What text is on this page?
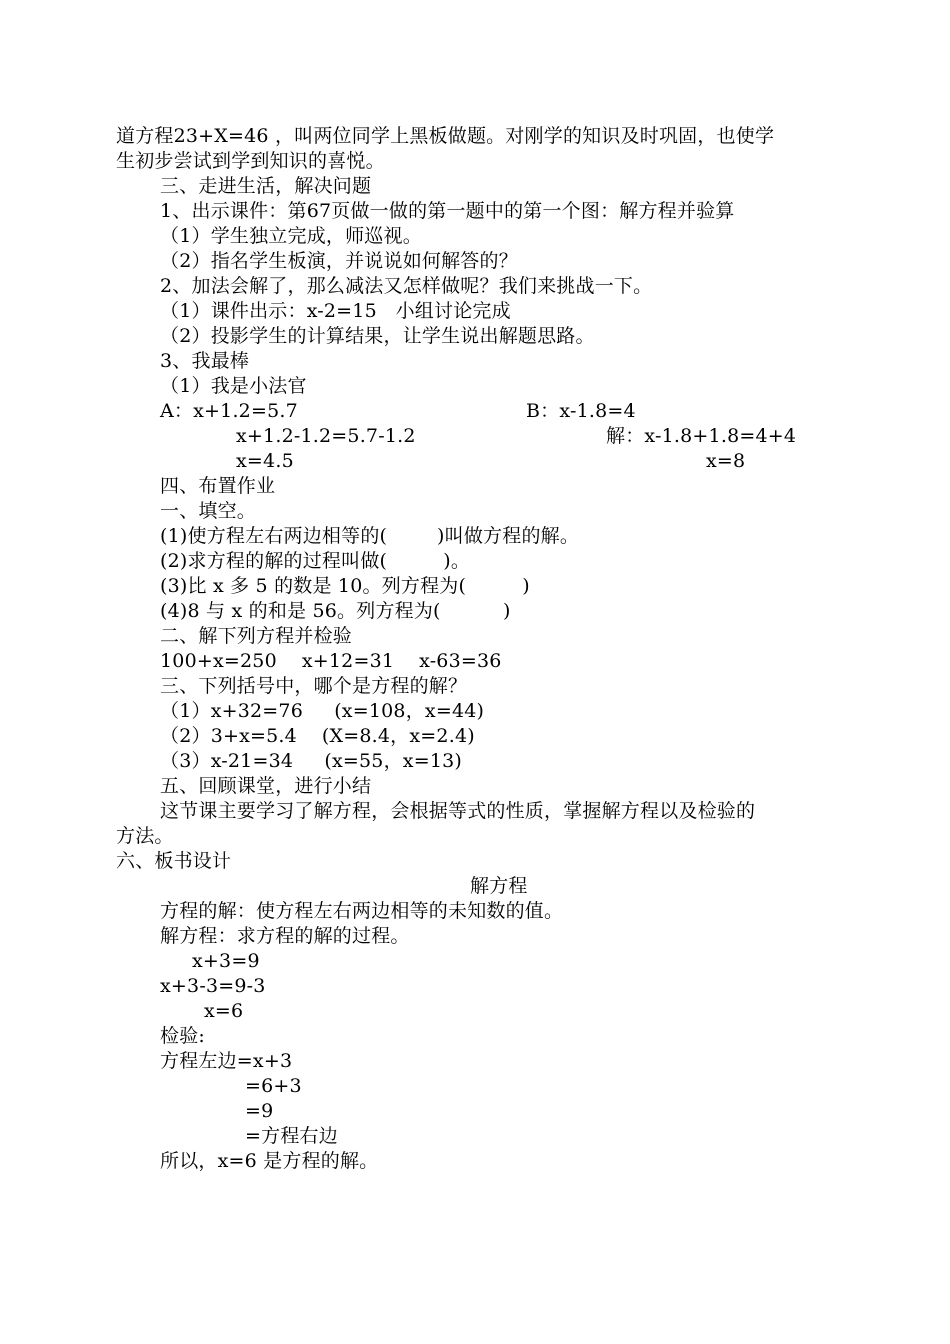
道方程23+X=46 ，叫两位同学上黑板做题。对刚学的知识及时巩固，也使学
生初步尝试到学到知识的喜悦。
三、走进生活，解决问题
1、出示课件：第67页做一做的第一题中的第一个图：解方程并验算
（1）学生独立完成，师巡视。
（2）指名学生板演，并说说如何解答的？
2、加法会解了，那么减法又怎样做呢？我们来挑战一下。
（1）课件出示：x-2=15   小组讨论完成
（2）投影学生的计算结果，让学生说出解题思路。
3、我最棒
（1）我是小法官
A：x+1.2=5.7	B：x-1.8=4
x+1.2-1.2=5.7-1.2	解：x-1.8+1.8=4+4
x=4.5	x=8
四、布置作业
一、填空。
(1)使方程左右两边相等的(        )叫做方程的解。
(2)求方程的解的过程叫做(         )。
(3)比 x 多 5 的数是 10。列方程为(         )
(4)8 与 x 的和是 56。列方程为(          )
二、解下列方程并检验
100+x=250    x+12=31    x-63=36
三、下列括号中，哪个是方程的解？
（1）x+32=76     (x=108，x=44)
（2）3+x=5.4    (X=8.4，x=2.4)
（3）x-21=34     (x=55，x=13)
五、回顾课堂，进行小结
这节课主要学习了解方程，会根据等式的性质，掌握解方程以及检验的
方法。
六、板书设计
解方程
方程的解：使方程左右两边相等的未知数的值。
解方程：求方程的解的过程。
x+3=9
x+3-3=9-3
x=6
检验:
方程左边=x+3
=6+3
=9
=方程右边
所以，x=6 是方程的解。
